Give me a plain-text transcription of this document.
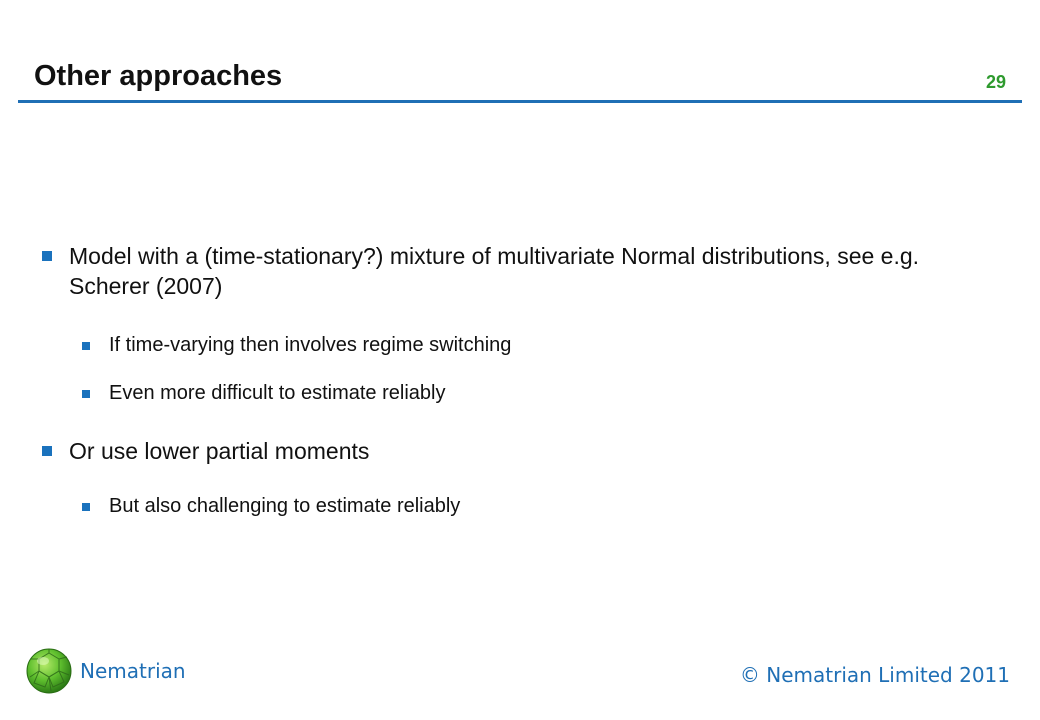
Other approaches	29
Model with a (time-stationary?) mixture of multivariate Normal distributions, see e.g. Scherer (2007)
If time-varying then involves regime switching
Even more difficult to estimate reliably
Or use lower partial moments
But also challenging to estimate reliably
Nematrian	© Nematrian Limited 2011
